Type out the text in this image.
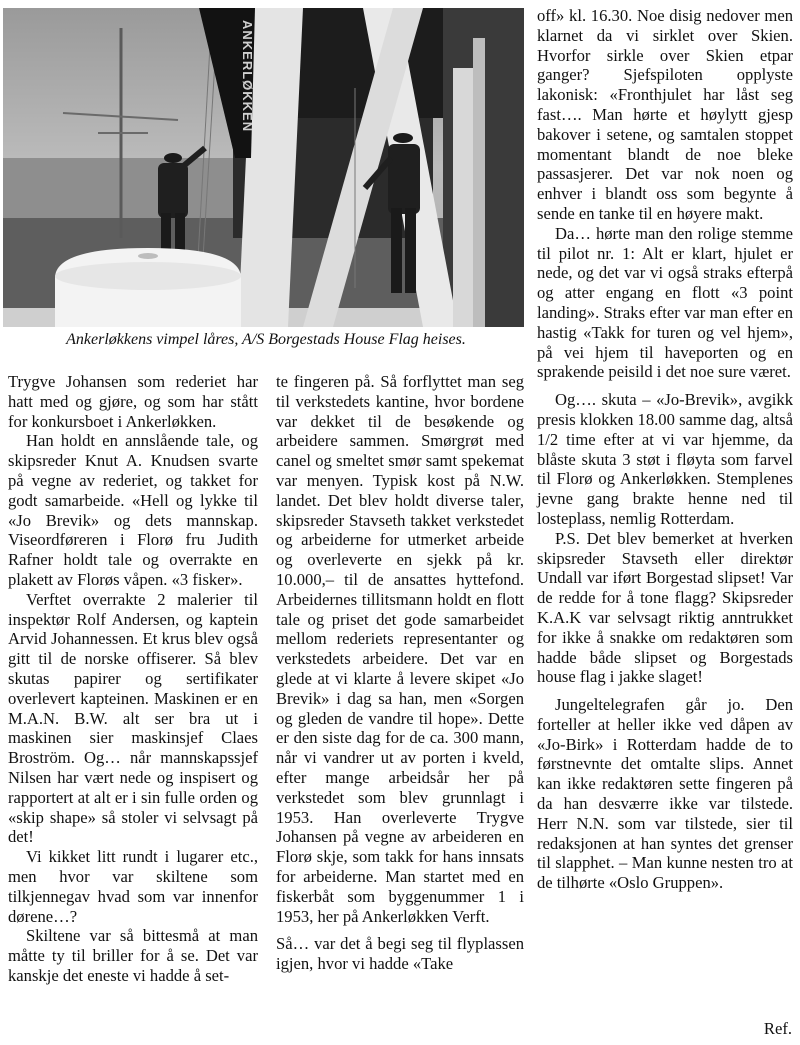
ANKERLØKKEN
Ankerløkkens vimpel låres, A/S Borgestads House Flag heises.

Trygve Johansen som rederiet har hatt med og gjøre, og som har stått for konkursboet i Ankerløkken.

Han holdt en annslående tale, og skipsreder Knut A. Knudsen svarte på vegne av rederiet, og takket for godt samarbeide. «Hell og lykke til «Jo Brevik» og dets mannskap. Viseordføreren i Florø fru Judith Rafner holdt tale og overrakte en plakett av Florøs våpen. «3 fisker».

Verftet overrakte 2 malerier til inspektør Rolf Andersen, og kaptein Arvid Johannessen. Et krus blev også gitt til de norske offiserer. Så blev skutas papirer og sertifikater overlevert kapteinen. Maskinen er en M.A.N. B.W. alt ser bra ut i maskinen sier maskinsjef Claes Broström. Og… når mannskapssjef Nilsen har vært nede og inspisert og rapportert at alt er i sin fulle orden og «skip shape» så stoler vi selvsagt på det!

Vi kikket litt rundt i lugarer etc., men hvor var skiltene som tilkjennegav hvad som var innenfor dørene…?

Skiltene var så bittesmå at man måtte ty til briller for å se. Det var kanskje det eneste vi hadde å set-

te fingeren på. Så forflyttet man seg til verkstedets kantine, hvor bordene var dekket til de besøkende og arbeidere sammen. Smørgrøt med canel og smeltet smør samt spekemat var menyen. Typisk kost på N.W. landet. Det blev holdt diverse taler, skipsreder Stavseth takket verkstedet og arbeiderne for utmerket arbeide og overleverte en sjekk på kr. 10.000,– til de ansattes hyttefond. Arbeidernes tillitsmann holdt en flott tale og priset det gode samarbeidet mellom rederiets representanter og verkstedets arbeidere. Det var en glede at vi klarte å levere skipet «Jo Brevik» i dag sa han, men «Sorgen og gleden de vandre til hope». Dette er den siste dag for de ca. 300 mann, når vi vandrer ut av porten i kveld, efter mange arbeidsår her på verkstedet som blev grunnlagt i 1953. Han overleverte Trygve Johansen på vegne av arbeideren en Florø skje, som takk for hans innsats for arbeiderne. Man startet med en fiskerbåt som byggenummer 1 i 1953, her på Ankerløkken Verft.

Så… var det å begi seg til flyplassen igjen, hvor vi hadde «Take

off» kl. 16.30. Noe disig nedover men klarnet da vi sirklet over Skien. Hvorfor sirkle over Skien etpar ganger? Sjefspiloten opplyste lakonisk: «Fronthjulet har låst seg fast…. Man hørte et høylytt gjesp bakover i setene, og samtalen stoppet momentant blandt de noe bleke passasjerer. Det var nok noen og enhver i blandt oss som begynte å sende en tanke til en høyere makt.

Da… hørte man den rolige stemme til pilot nr. 1: Alt er klart, hjulet er nede, og det var vi også straks efterpå og atter engang en flott «3 point landing». Straks efter var man efter en hastig «Takk for turen og vel hjem», på vei hjem til haveporten og en sprakende peisild i det noe sure været.

Og…. skuta – «Jo-Brevik», avgikk presis klokken 18.00 samme dag, altså 1/2 time efter at vi var hjemme, da blåste skuta 3 støt i fløyta som farvel til Florø og Ankerløkken. Stemplenes jevne gang brakte henne ned til losteplass, nemlig Rotterdam.

P.S. Det blev bemerket at hverken skipsreder Stavseth eller direktør Undall var iført Borgestad slipset! Var de redde for å tone flagg? Skipsreder K.A.K var selvsagt riktig anntrukket for ikke å snakke om redaktøren som hadde både slipset og Borgestads house flag i jakke slaget!

Jungeltelegrafen går jo. Den forteller at heller ikke ved dåpen av «Jo-Birk» i Rotterdam hadde de to førstnevnte det omtalte slips. Annet kan ikke redaktøren sette fingeren på da han desværre ikke var tilstede. Herr N.N. som var tilstede, sier til redaksjonen at han syntes det grenser til slapphet. – Man kunne nesten tro at de tilhørte «Oslo Gruppen».

Ref.
